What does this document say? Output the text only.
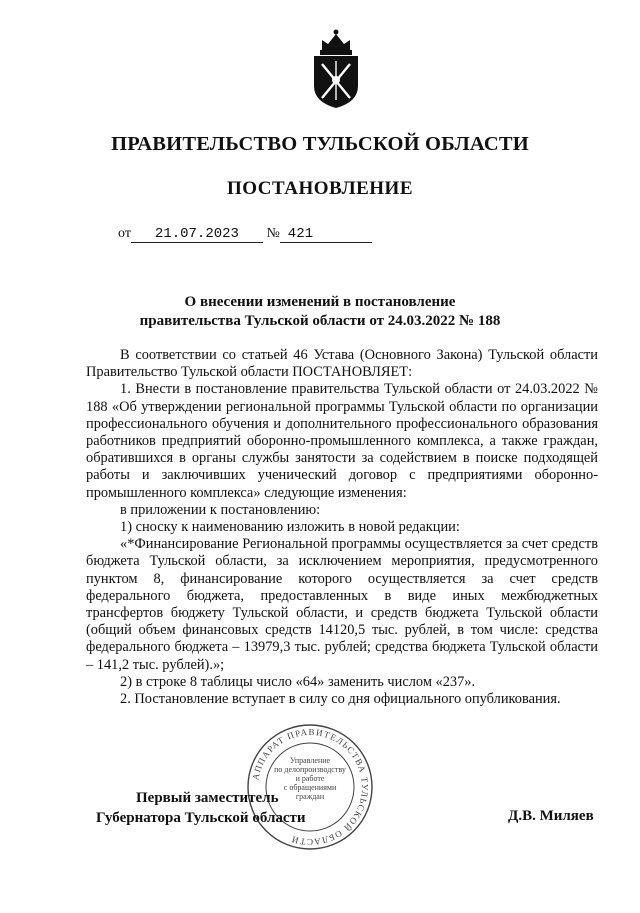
ПРАВИТЕЛЬСТВО ТУЛЬСКОЙ ОБЛАСТИ
ПОСТАНОВЛЕНИЕ
от 21.07.2023 № 421
О внесении изменений в постановление
правительства Тульской области от 24.03.2022 № 188

В соответствии со статьей 46 Устава (Основного Закона) Тульской области Правительство Тульской области ПОСТАНОВЛЯЕТ:

1. Внести в постановление правительства Тульской области от 24.03.2022 № 188 «Об утверждении региональной программы Тульской области по организации профессионального обучения и дополнительного профессионального образования работников предприятий оборонно-промышленного комплекса, а также граждан, обратившихся в органы службы занятости за содействием в поиске подходящей работы и заключивших ученический договор с предприятиями оборонно-промышленного комплекса» следующие изменения:

в приложении к постановлению:

1) сноску к наименованию изложить в новой редакции:

«*Финансирование Региональной программы осуществляется за счет средств бюджета Тульской области, за исключением мероприятия, предусмотренного пунктом 8, финансирование которого осуществляется за счет средств федерального бюджета, предоставленных в виде иных межбюджетных трансфертов бюджету Тульской области, и средств бюджета Тульской области (общий объем финансовых средств 14120,5 тыс. рублей, в том числе: средства федерального бюджета – 13979,3 тыс. рублей; средства бюджета Тульской области – 141,2 тыс. рублей).»;

2) в строке 8 таблицы число «64» заменить числом «237».

2. Постановление вступает в силу со дня официального опубликования.

Первый заместитель
Губернатора Тульской области	Д.В. Миляев
АППАРАТ ПРАВИТЕЛЬСТВА ТУЛЬСКОЙ ОБЛАСТИ
Управление
по делопроизводству
и работе
с обращениями
граждан
